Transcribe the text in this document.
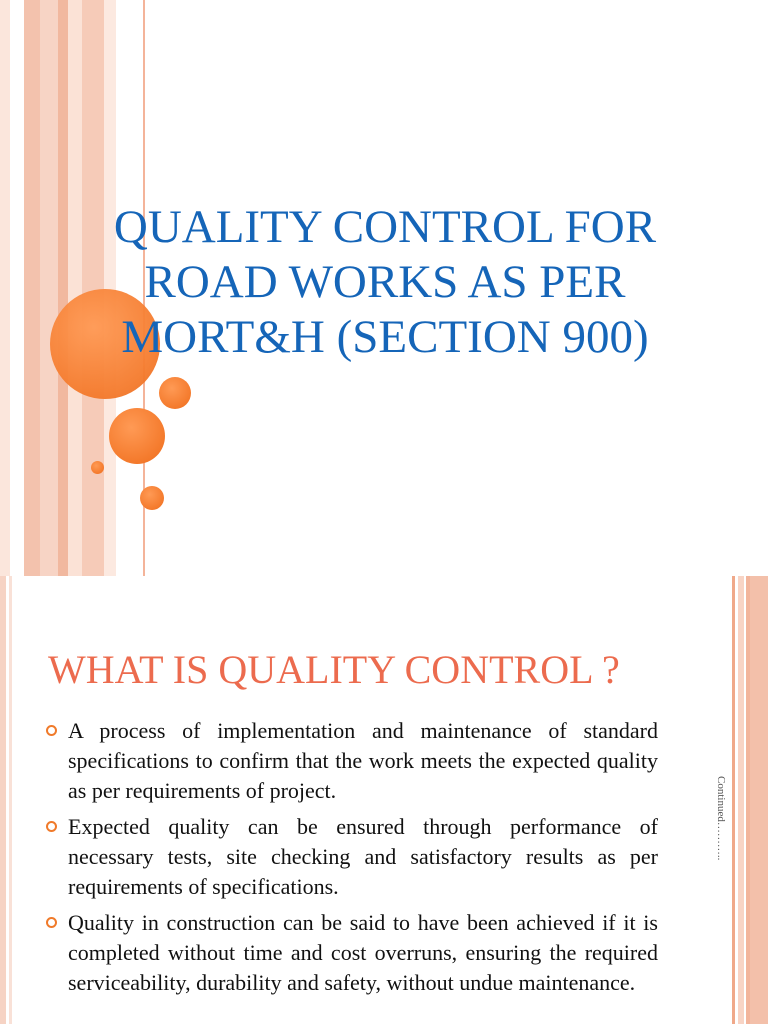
QUALITY CONTROL FOR
ROAD WORKS AS PER
MORT&H (SECTION 900)
WHAT IS QUALITY CONTROL ?
A process of implementation and maintenance of standard specifications to confirm that the work meets the expected quality as per requirements of project.
Expected quality can be ensured through performance of necessary tests, site checking and satisfactory results as per requirements of specifications.
Quality in construction can be said to have been achieved if it is completed without time and cost overruns, ensuring the required serviceability, durability and safety, without undue maintenance.
Continued………..
